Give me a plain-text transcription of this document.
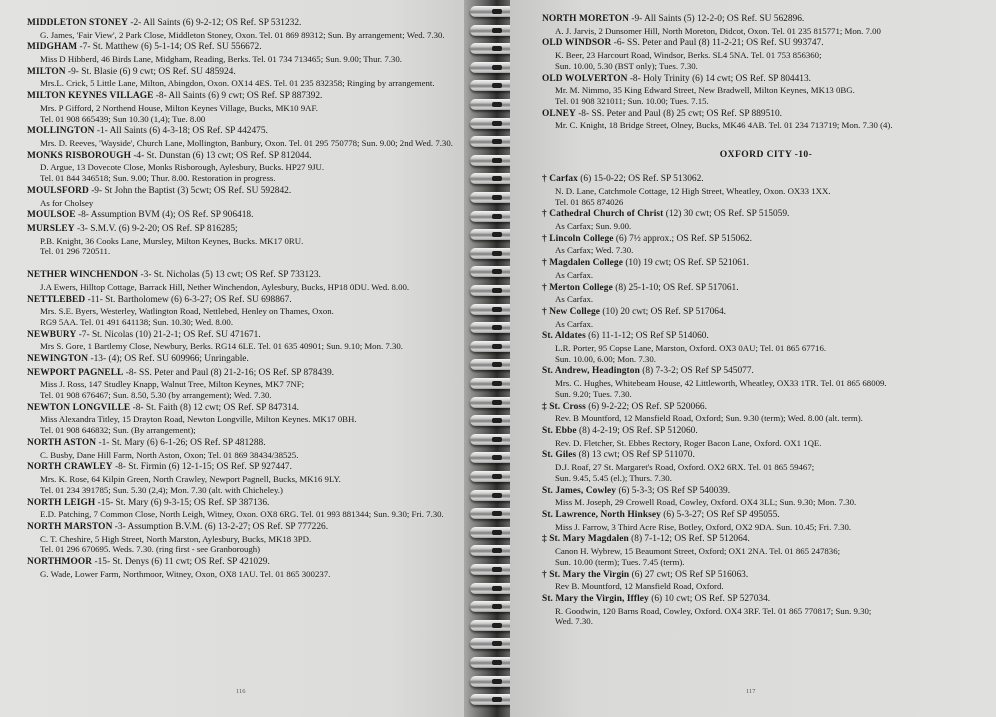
MIDDLETON STONEY -2- All Saints (6) 9-2-12; OS Ref. SP 531232.
G. James, 'Fair View', 2 Park Close, Middleton Stoney, Oxon. Tel. 01 869 89312; Sun. By arrangement; Wed. 7.30.
MIDGHAM -7- St. Matthew (6) 5-1-14; OS Ref. SU 556672.
Miss D Hibberd, 46 Birds Lane, Midgham, Reading, Berks. Tel. 01 734 713465; Sun. 9.00; Thur. 7.30.
MILTON -9- St. Blasie (6) 9 cwt; OS Ref. SU 485924.
Mrs.L. Crick, 5 Little Lane, Milton, Abingdon, Oxon. OX14 4ES. Tel. 01 235 832358; Ringing by arrangement.
MILTON KEYNES VILLAGE -8- All Saints (6) 9 cwt; OS Ref. SP 887392.
Mrs. P Gifford, 2 Northend House, Milton Keynes Village, Bucks, MK10 9AF.
Tel. 01 908 665439; Sun 10.30 (1,4); Tue. 8.00
MOLLINGTON -1- All Saints (6) 4-3-18; OS Ref. SP 442475.
Mrs. D. Reeves, 'Wayside', Church Lane, Mollington, Banbury, Oxon. Tel. 01 295 750778; Sun. 9.00; 2nd Wed. 7.30.
MONKS RISBOROUGH -4- St. Dunstan (6) 13 cwt; OS Ref. SP 812044.
D. Argue, 13 Dovecote Close, Monks Risborough, Aylesbury, Bucks. HP27 9JU.
Tel. 01 844 346518; Sun. 9.00; Thur. 8.00. Restoration in progress.
MOULSFORD -9- St John the Baptist (3) 5cwt; OS Ref. SU 592842.
As for Cholsey
MOULSOE -8- Assumption BVM (4); OS Ref. SP 906418.
MURSLEY -3- S.M.V. (6) 9-2-20; OS Ref. SP 816285;
P.B. Knight, 36 Cooks Lane, Mursley, Milton Keynes, Bucks. MK17 0RU.
Tel. 01 296 720511.
NETHER WINCHENDON -3- St. Nicholas (5) 13 cwt; OS Ref. SP 733123.
J.A Ewers, Hilltop Cottage, Barrack Hill, Nether Winchendon, Aylesbury, Bucks, HP18 0DU. Wed. 8.00.
NETTLEBED -11- St. Bartholomew (6) 6-3-27; OS Ref. SU 698867.
Mrs. S.E. Byers, Westerley, Watlington Road, Nettlebed, Henley on Thames, Oxon.
RG9 5AA. Tel. 01 491 641138; Sun. 10.30; Wed. 8.00.
NEWBURY -7- St. Nicolas (10) 21-2-1; OS Ref. SU 471671.
Mrs S. Gore, 1 Bartlemy Close, Newbury, Berks. RG14 6LE. Tel. 01 635 40901; Sun. 9.10; Mon. 7.30.
NEWINGTON -13- (4); OS Ref. SU 609966; Unringable.
NEWPORT PAGNELL -8- SS. Peter and Paul (8) 21-2-16; OS Ref. SP 878439.
Miss J. Ross, 147 Studley Knapp, Walnut Tree, Milton Keynes, MK7 7NF;
Tel. 01 908 676467; Sun. 8.50, 5.30 (by arrangement); Wed. 7.30.
NEWTON LONGVILLE -8- St. Faith (8) 12 cwt; OS Ref. SP 847314.
Miss Alexandra Titley, 15 Drayton Road, Newton Longville, Milton Keynes. MK17 0BH.
Tel. 01 908 646832; Sun. (By arrangement);
NORTH ASTON -1- St. Mary (6) 6-1-26; OS Ref. SP 481288.
C. Busby, Dane Hill Farm, North Aston, Oxon; Tel. 01 869 38434/38525.
NORTH CRAWLEY -8- St. Firmin (6) 12-1-15; OS Ref. SP 927447.
Mrs. K. Rose, 64 Kilpin Green, North Crawley, Newport Pagnell, Bucks, MK16 9LY.
Tel. 01 234 391785; Sun. 5.30 (2,4); Mon. 7.30 (alt. with Chicheley.)
NORTH LEIGH -15- St. Mary (6) 9-3-15; OS Ref. SP 387136.
E.D. Patching, 7 Common Close, North Leigh, Witney, Oxon. OX8 6RG. Tel. 01 993 881344; Sun. 9.30; Fri. 7.30.
NORTH MARSTON -3- Assumption B.V.M. (6) 13-2-27; OS Ref. SP 777226.
C. T. Cheshire, 5 High Street, North Marston, Aylesbury, Bucks, MK18 3PD.
Tel. 01 296 670695. Weds. 7.30. (ring first - see Granborough)
NORTHMOOR -15- St. Denys (6) 11 cwt; OS Ref. SP 421029.
G. Wade, Lower Farm, Northmoor, Witney, Oxon, OX8 1AU. Tel. 01 865 300237.
116
NORTH MORETON -9- All Saints (5) 12-2-0; OS Ref. SU 562896.
A. J. Jarvis, 2 Dunsomer Hill, North Moreton, Didcot, Oxon. Tel. 01 235 815771; Mon. 7.00
OLD WINDSOR -6- SS. Peter and Paul (8) 11-2-21; OS Ref. SU 993747.
K. Beer, 23 Harcourt Road, Windsor, Berks. SL4 5NA. Tel. 01 753 856360;
Sun. 10.00, 5.30 (BST only); Tues. 7.30.
OLD WOLVERTON -8- Holy Trinity (6) 14 cwt; OS Ref. SP 804413.
Mr. M. Nimmo, 35 King Edward Street, New Bradwell, Milton Keynes, MK13 0BG.
Tel. 01 908 321011; Sun. 10.00; Tues. 7.15.
OLNEY -8- SS. Peter and Paul (8) 25 cwt; OS Ref. SP 889510.
Mr. C. Knight, 18 Bridge Street, Olney, Bucks, MK46 4AB. Tel. 01 234 713719; Mon. 7.30 (4).
OXFORD CITY -10-
† Carfax (6) 15-0-22; OS Ref. SP 513062.
N. D. Lane, Catchmole Cottage, 12 High Street, Wheatley, Oxon. OX33 1XX.
Tel. 01 865 874026
† Cathedral Church of Christ (12) 30 cwt; OS Ref. SP 515059.
As Carfax; Sun. 9.00.
† Lincoln College (6) 7½ approx.; OS Ref. SP 515062.
As Carfax; Wed. 7.30.
† Magdalen College (10) 19 cwt; OS Ref. SP 521061.
As Carfax.
† Merton College (8) 25-1-10; OS Ref. SP 517061.
As Carfax.
† New College (10) 20 cwt; OS Ref. SP 517064.
As Carfax.
St. Aldates (6) 11-1-12; OS Ref SP 514060.
L.R. Porter, 95 Copse Lane, Marston, Oxford. OX3 0AU; Tel. 01 865 67716.
Sun. 10.00, 6.00; Mon. 7.30.
St. Andrew, Headington (8) 7-3-2; OS Ref SP 545077.
Mrs. C. Hughes, Whitebeam House, 42 Littleworth, Wheatley, OX33 1TR. Tel. 01 865 68009.
Sun. 9.20; Tues. 7.30.
‡ St. Cross (6) 9-2-22; OS Ref. SP 520066.
Rev. B Mountford, 12 Mansfield Road, Oxford; Sun. 9.30 (term); Wed. 8.00 (alt. term).
St. Ebbe (8) 4-2-19; OS Ref. SP 512060.
Rev. D. Fletcher, St. Ebbes Rectory, Roger Bacon Lane, Oxford. OX1 1QE.
St. Giles (8) 13 cwt; OS Ref SP 511070.
D.J. Roaf, 27 St. Margaret's Road, Oxford. OX2 6RX. Tel. 01 865 59467;
Sun. 9.45, 5.45 (el.); Thurs. 7.30.
St. James, Cowley (6) 5-3-3; OS Ref SP 540039.
Miss M. Joseph, 29 Crowell Road, Cowley, Oxford. OX4 3LL; Sun. 9.30; Mon. 7.30.
St. Lawrence, North Hinksey (6) 5-3-27; OS Ref SP 495055.
Miss J. Farrow, 3 Third Acre Rise, Botley, Oxford, OX2 9DA. Sun. 10.45; Fri. 7.30.
‡ St. Mary Magdalen (8) 7-1-12; OS Ref. SP 512064.
Canon H. Wybrew, 15 Beaumont Street, Oxford; OX1 2NA. Tel. 01 865 247836;
Sun. 10.00 (term); Tues. 7.45 (term).
† St. Mary the Virgin (6) 27 cwt; OS Ref SP 516063.
Rev B. Mountford, 12 Mansfield Road, Oxford.
St. Mary the Virgin, Iffley (6) 10 cwt; OS Ref. SP 527034.
R. Goodwin, 120 Barns Road, Cowley, Oxford. OX4 3RF. Tel. 01 865 770817; Sun. 9.30;
Wed. 7.30.
117
